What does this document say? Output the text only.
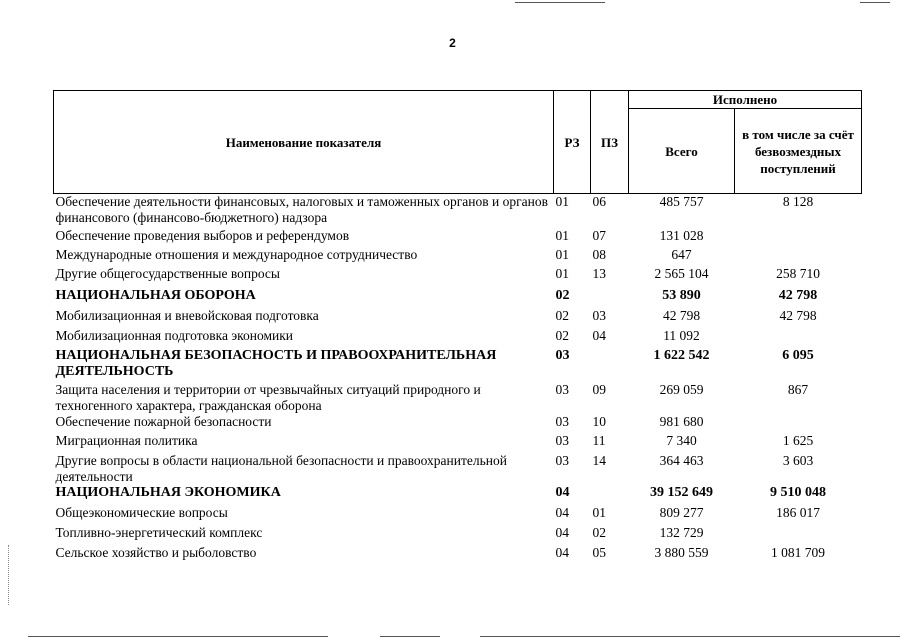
2
Наименование показателя	РЗ	ПЗ	Исполнено	
			Всего	в том числе за счёт безвозмездных поступлений
Обеспечение деятельности финансовых, налоговых и таможенных органов и органов финансового (финансово-бюджетного) надзора	01	06	485 757	8 128
Обеспечение проведения выборов и референдумов	01	07	131 028	
Международные отношения и международное сотрудничество	01	08	647	
Другие общегосударственные вопросы	01	13	2 565 104	258 710
НАЦИОНАЛЬНАЯ ОБОРОНА	02		53 890	42 798
Мобилизационная и вневойсковая подготовка	02	03	42 798	42 798
Мобилизационная подготовка экономики	02	04	11 092	
НАЦИОНАЛЬНАЯ БЕЗОПАСНОСТЬ И ПРАВООХРАНИТЕЛЬНАЯ ДЕЯТЕЛЬНОСТЬ	03		1 622 542	6 095
Защита населения и территории от чрезвычайных ситуаций природного и техногенного характера, гражданская оборона	03	09	269 059	867
Обеспечение пожарной безопасности	03	10	981 680	
Миграционная политика	03	11	7 340	1 625
Другие вопросы в области национальной безопасности и правоохранительной деятельности	03	14	364 463	3 603
НАЦИОНАЛЬНАЯ ЭКОНОМИКА	04		39 152 649	9 510 048
Общеэкономические вопросы	04	01	809 277	186 017
Топливно-энергетический комплекс	04	02	132 729	
Сельское хозяйство и рыболовство	04	05	3 880 559	1 081 709
